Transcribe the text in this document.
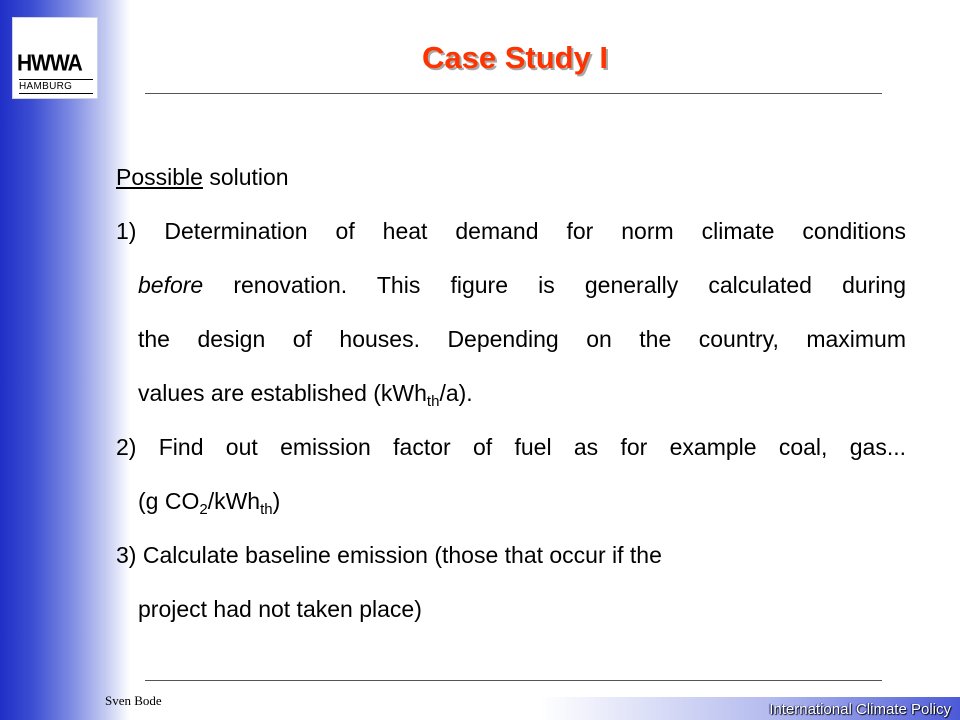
HWWA
HAMBURG
Case Study I
Possible solution
1) Determination of heat demand for norm climate conditions
before renovation. This figure is generally calculated during
the design of houses. Depending on the country, maximum
values are established (kWh$_{th}$/a).
2) Find out emission factor of fuel as for example coal, gas...
(g $CO_2/kWh_{th}$)
3) Calculate baseline emission (those that occur if the
project had not taken place)
Sven Bode
International Climate Policy
